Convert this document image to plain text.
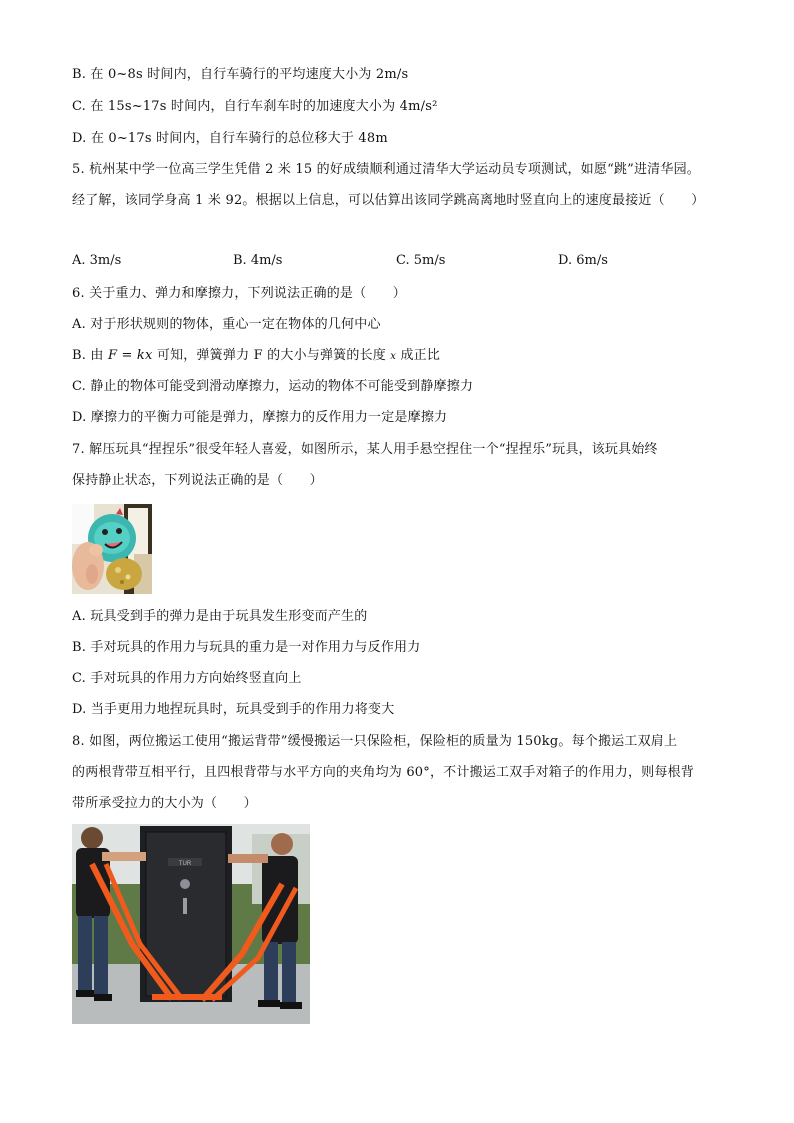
B. 在 0~8s 时间内，自行车骑行的平均速度大小为 2m/s
C. 在 15s~17s 时间内，自行车刹车时的加速度大小为 4m/s²
D. 在 0~17s 时间内，自行车骑行的总位移大于 48m
5. 杭州某中学一位高三学生凭借 2 米 15 的好成绩顺利通过清华大学运动员专项测试，如愿“跳”进清华园。
经了解，该同学身高 1 米 92。根据以上信息，可以估算出该同学跳高离地时竖直向上的速度最接近（　　）
A. 3m/s	B. 4m/s	C. 5m/s	D. 6m/s
6. 关于重力、弹力和摩擦力，下列说法正确的是（　　）
A. 对于形状规则的物体，重心一定在物体的几何中心
B. 由 F = kx 可知，弹簧弹力 F 的大小与弹簧的长度 x 成正比
C. 静止的物体可能受到滑动摩擦力，运动的物体不可能受到静摩擦力
D. 摩擦力的平衡力可能是弹力，摩擦力的反作用力一定是摩擦力
7. 解压玩具“捏捏乐”很受年轻人喜爱，如图所示，某人用手悬空捏住一个“捏捏乐”玩具，该玩具始终
保持静止状态，下列说法正确的是（　　）
A. 玩具受到手的弹力是由于玩具发生形变而产生的
B. 手对玩具的作用力与玩具的重力是一对作用力与反作用力
C. 手对玩具的作用力方向始终竖直向上
D. 当手更用力地捏玩具时，玩具受到手的作用力将变大
8. 如图，两位搬运工使用“搬运背带”缓慢搬运一只保险柜，保险柜的质量为 150kg。每个搬运工双肩上
的两根背带互相平行，且四根背带与水平方向的夹角均为 60°，不计搬运工双手对箱子的作用力，则每根背
带所承受拉力的大小为（　　）
TUR
